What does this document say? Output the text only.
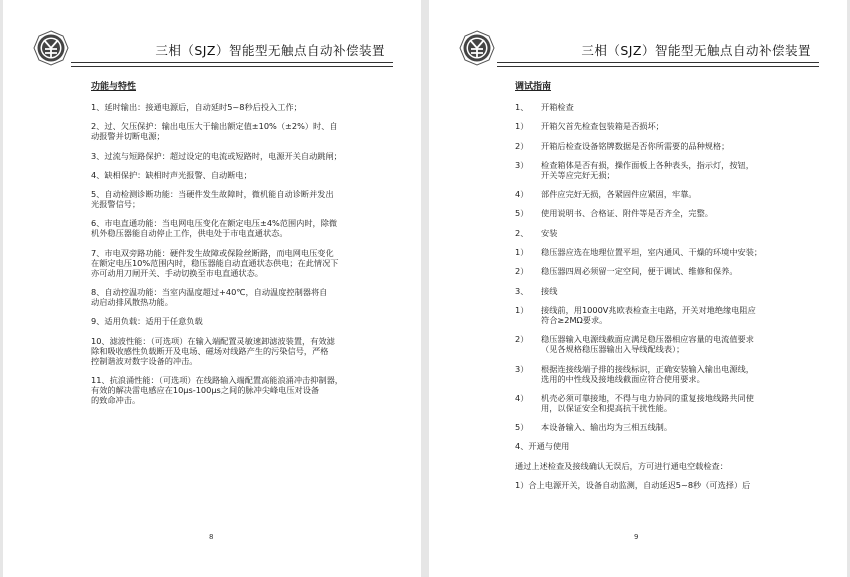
三相（SJZ）智能型无触点自动补偿装置
功能与特性
1、延时输出：接通电源后，自动延时5~8秒后投入工作；
2、过、欠压保护：输出电压大于输出额定值±10%（±2%）时、自
动报警并切断电源；
3、过流与短路保护：超过设定的电流或短路时，电源开关自动跳闸；
4、缺相保护：缺相时声光报警、自动断电；
5、自动检测诊断功能：当硬件发生故障时，微机能自动诊断并发出
光报警信号；
6、市电直通功能：当电网电压变化在额定电压±4%范围内时，除微
机外稳压器能自动停止工作，供电处于市电直通状态。
7、市电双旁路功能：硬件发生故障或保险丝断路，而电网电压变化
在额定电压10%范围内时，稳压器能自动直通状态供电；在此情况下
亦可动用刀闸开关、手动切换至市电直通状态。
8、自动控温功能：当室内温度超过+40℃，自动温度控制器将自
动启动排风散热功能。
9、适用负载：适用于任意负载
10、滤波性能：（可选项）在输入端配置灵敏速卸滤波装置，有效滤
除和吸收感性负载断开及电场、磁场对线路产生的污染信号，严格
控制谐波对数字设备的冲击。
11、抗浪涌性能：（可选项）在线路输入端配置高能浪涌冲击抑制器，
有效的解决雷电感应在10μs-100μs之间的脉冲尖峰电压对设备
的致命冲击。
8
三相（SJZ）智能型无触点自动补偿装置
调试指南
1、	开箱检查
1）	开箱欠首先检查包装箱是否损坏；
2）	开箱后检查设备铭牌数据是否你所需要的品种规格；
3）	检查箱体是否有损，操作面板上各种表头，指示灯，按钮，
开关等应完好无损；
4）	部件应完好无损，各紧固件应紧固，牢靠。
5）	使用说明书、合格证、附件等是否齐全，完整。
2、	安装
1）	稳压器应选在地理位置平坦，室内通风、干燥的环境中安装；
2）	稳压器四周必须留一定空间，便于调试、维修和保养。
3、	接线
1）	接线前，用1000V兆欧表检查主电路，开关对地绝缘电阻应
符合≥2MΩ要求。
2）	稳压器输入电源线截面应满足稳压器相应容量的电流值要求
（见各规格稳压器输出入导线配线表）；
3）	根据连接线端子排的接线标识，正确安装输入输出电源线，
选用的中性线及接地线截面应符合使用要求。
4）	机壳必须可靠接地，不得与电力协同的重复接地线路共同使
用，以保证安全和提高抗干扰性能。
5）	本设备输入、输出均为三相五线制。
4、开通与使用
通过上述检查及接线确认无误后，方可进行通电空载检查：
1）合上电源开关，设备自动监测，自动延迟5~8秒（可选择）后
9
